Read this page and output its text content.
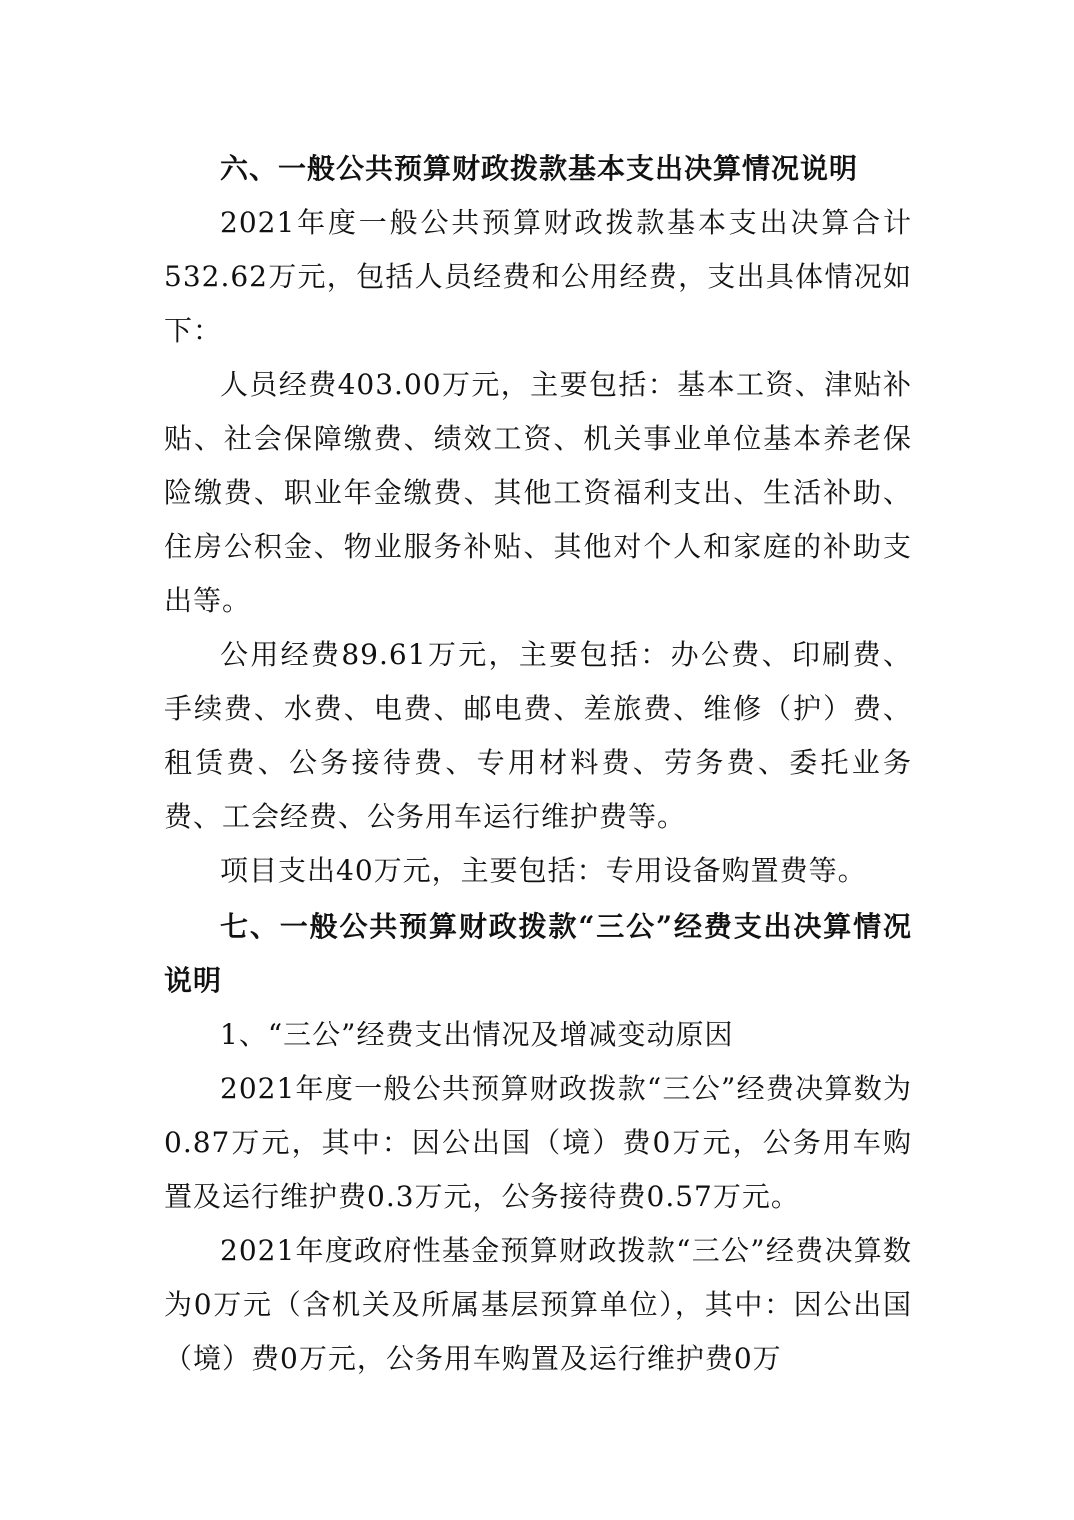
六、一般公共预算财政拨款基本支出决算情况说明

2021年度一般公共预算财政拨款基本支出决算合计532.62万元，包括人员经费和公用经费，支出具体情况如下：

人员经费403.00万元，主要包括：基本工资、津贴补贴、社会保障缴费、绩效工资、机关事业单位基本养老保险缴费、职业年金缴费、其他工资福利支出、生活补助、住房公积金、物业服务补贴、其他对个人和家庭的补助支出等。

公用经费89.61万元，主要包括：办公费、印刷费、手续费、水费、电费、邮电费、差旅费、维修（护）费、租赁费、公务接待费、专用材料费、劳务费、委托业务费、工会经费、公务用车运行维护费等。

项目支出40万元，主要包括：专用设备购置费等。

七、一般公共预算财政拨款“三公”经费支出决算情况说明

1、“三公”经费支出情况及增减变动原因

2021年度一般公共预算财政拨款“三公”经费决算数为0.87万元，其中：因公出国（境）费0万元，公务用车购置及运行维护费0.3万元，公务接待费0.57万元。

2021年度政府性基金预算财政拨款“三公”经费决算数为0万元（含机关及所属基层预算单位），其中：因公出国（境）费0万元，公务用车购置及运行维护费0万
